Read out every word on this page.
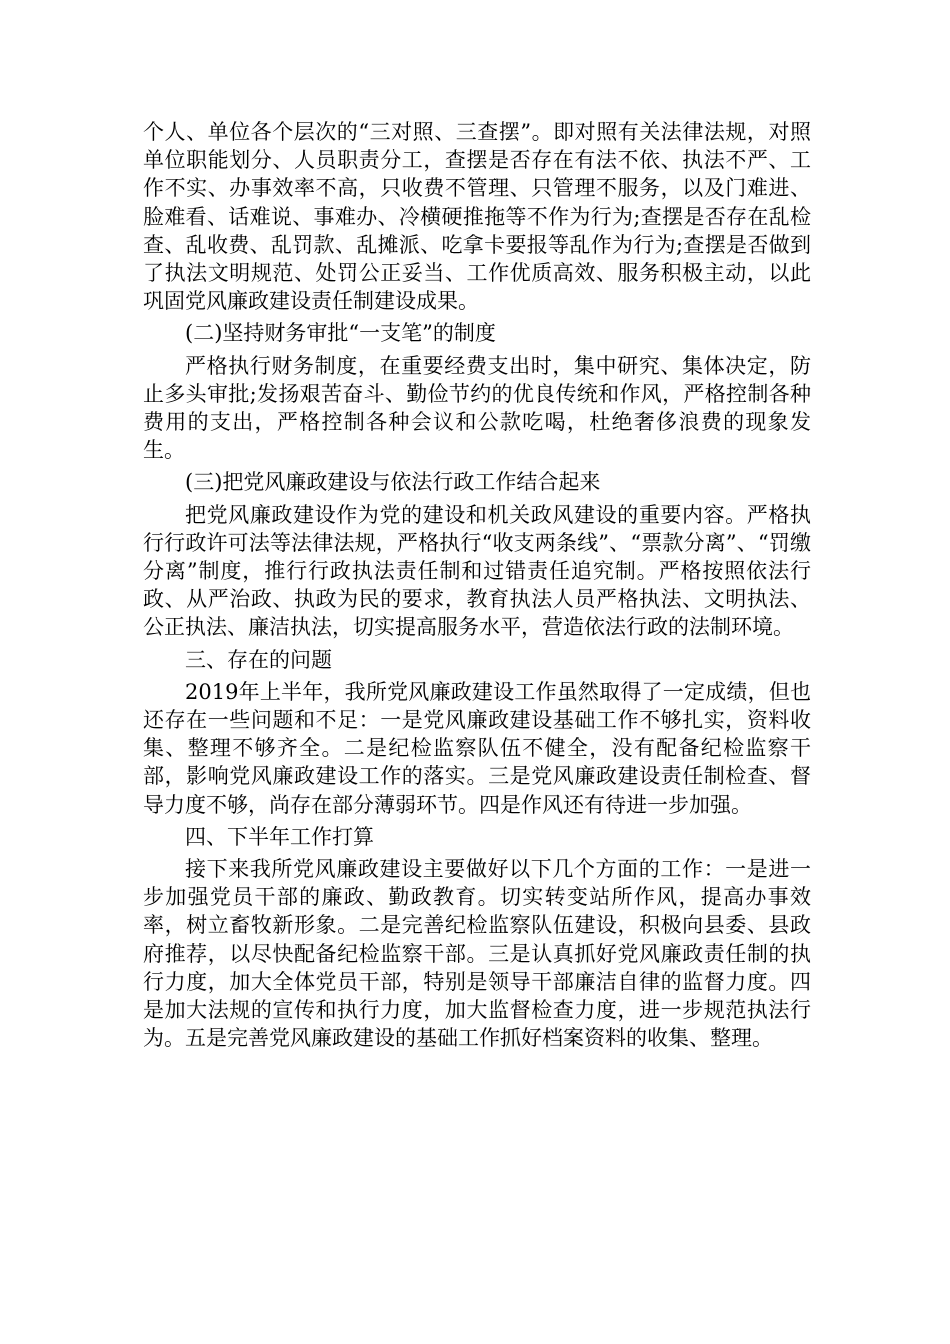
个人、单位各个层次的“三对照、三查摆”。即对照有关法律法规，对照单位职能划分、人员职责分工，查摆是否存在有法不依、执法不严、工作不实、办事效率不高，只收费不管理、只管理不服务，以及门难进、脸难看、话难说、事难办、冷横硬推拖等不作为行为;查摆是否存在乱检查、乱收费、乱罚款、乱摊派、吃拿卡要报等乱作为行为;查摆是否做到了执法文明规范、处罚公正妥当、工作优质高效、服务积极主动，以此巩固党风廉政建设责任制建设成果。

(二)坚持财务审批“一支笔”的制度

严格执行财务制度，在重要经费支出时，集中研究、集体决定，防止多头审批;发扬艰苦奋斗、勤俭节约的优良传统和作风，严格控制各种费用的支出，严格控制各种会议和公款吃喝，杜绝奢侈浪费的现象发生。

(三)把党风廉政建设与依法行政工作结合起来

把党风廉政建设作为党的建设和机关政风建设的重要内容。严格执行行政许可法等法律法规，严格执行“收支两条线”、“票款分离”、“罚缴分离”制度，推行行政执法责任制和过错责任追究制。严格按照依法行政、从严治政、执政为民的要求，教育执法人员严格执法、文明执法、公正执法、廉洁执法，切实提高服务水平，营造依法行政的法制环境。

三、存在的问题

2019年上半年，我所党风廉政建设工作虽然取得了一定成绩，但也还存在一些问题和不足：一是党风廉政建设基础工作不够扎实，资料收集、整理不够齐全。二是纪检监察队伍不健全，没有配备纪检监察干部，影响党风廉政建设工作的落实。三是党风廉政建设责任制检查、督导力度不够，尚存在部分薄弱环节。四是作风还有待进一步加强。

四、下半年工作打算

接下来我所党风廉政建设主要做好以下几个方面的工作：一是进一步加强党员干部的廉政、勤政教育。切实转变站所作风，提高办事效率，树立畜牧新形象。二是完善纪检监察队伍建设，积极向县委、县政府推荐，以尽快配备纪检监察干部。三是认真抓好党风廉政责任制的执行力度，加大全体党员干部，特别是领导干部廉洁自律的监督力度。四是加大法规的宣传和执行力度，加大监督检查力度，进一步规范执法行为。五是完善党风廉政建设的基础工作抓好档案资料的收集、整理。
